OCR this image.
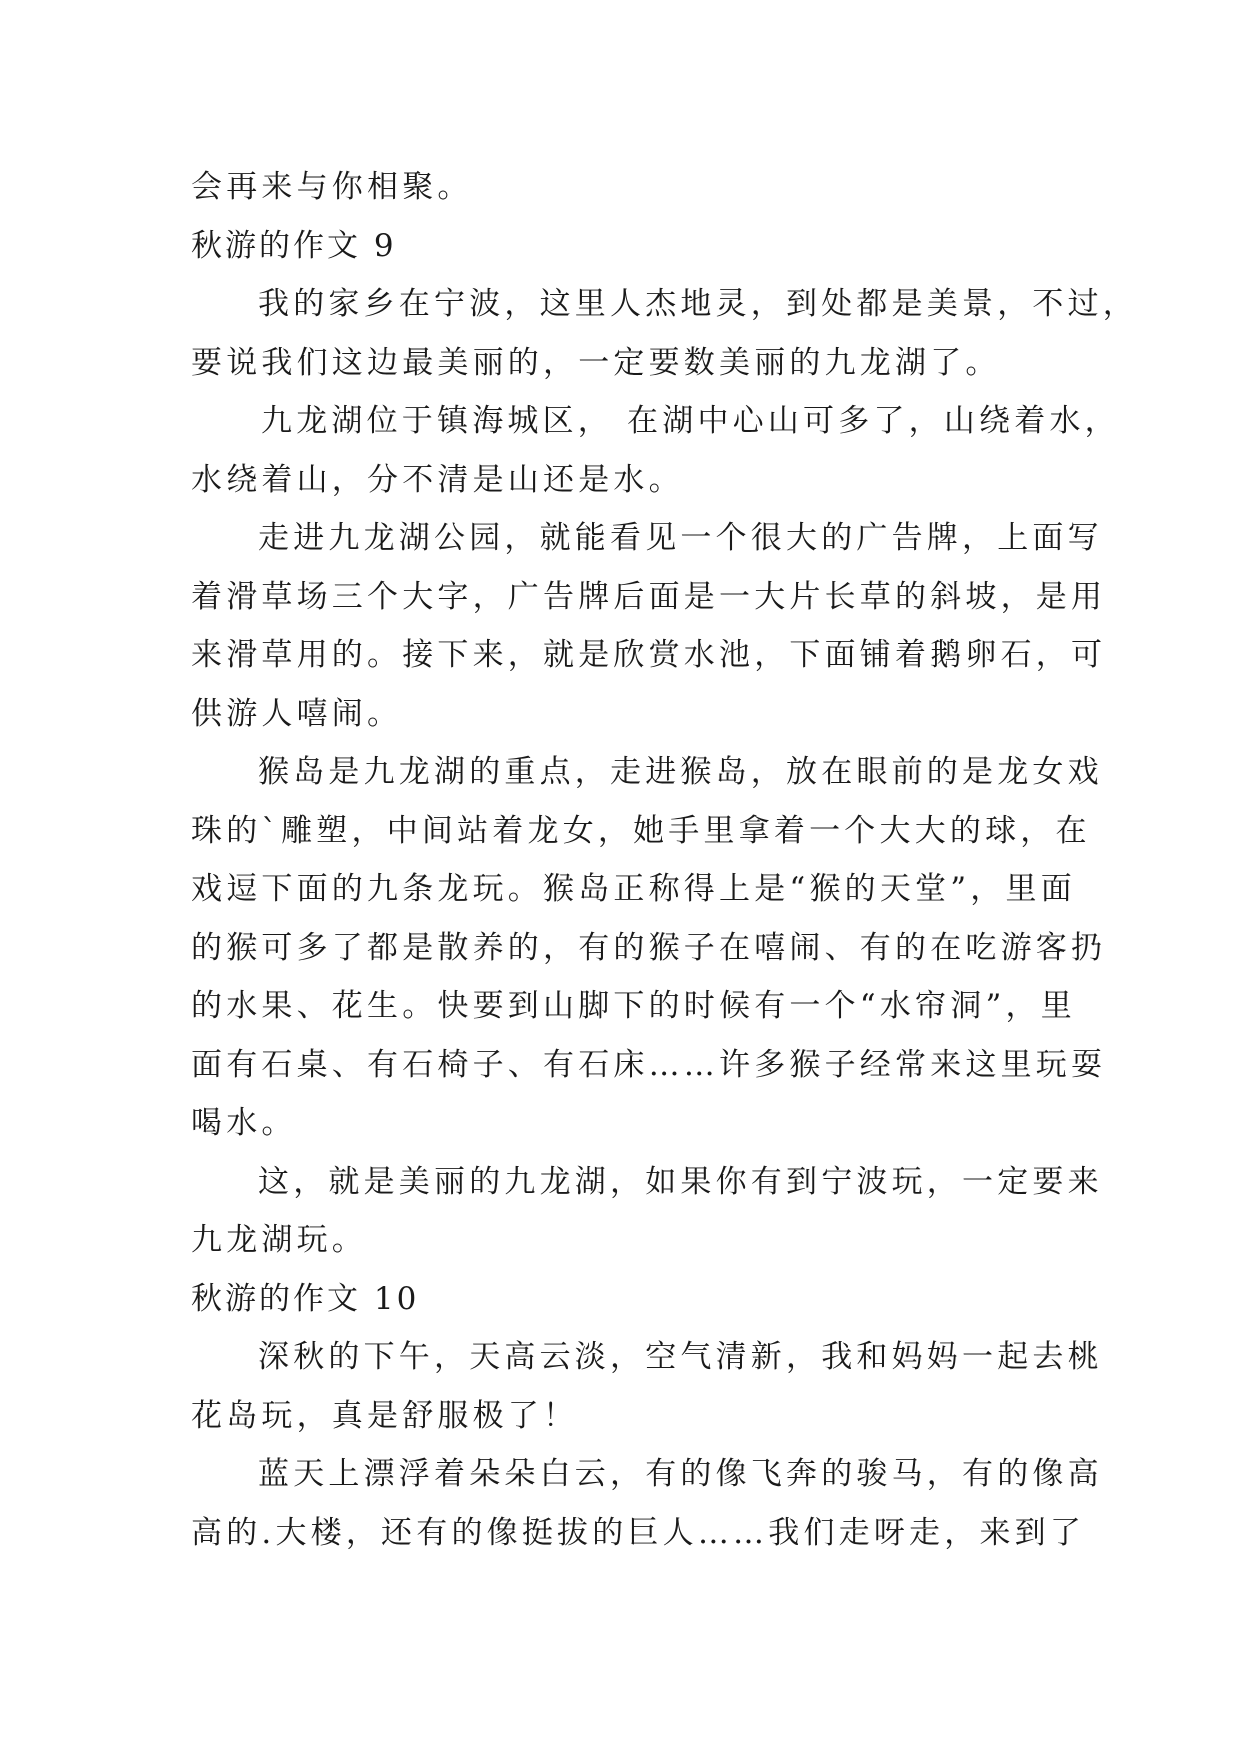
会再来与你相聚。
秋游的作文 9
我的家乡在宁波，这里人杰地灵，到处都是美景，不过，
要说我们这边最美丽的，一定要数美丽的九龙湖了。
九龙湖位于镇海城区， 在湖中心山可多了，山绕着水，
水绕着山，分不清是山还是水。
走进九龙湖公园，就能看见一个很大的广告牌，上面写
着滑草场三个大字，广告牌后面是一大片长草的斜坡，是用
来滑草用的。接下来，就是欣赏水池，下面铺着鹅卵石，可
供游人嘻闹。
猴岛是九龙湖的重点，走进猴岛，放在眼前的是龙女戏
珠的`雕塑，中间站着龙女，她手里拿着一个大大的球，在
戏逗下面的九条龙玩。猴岛正称得上是“猴的天堂”，里面
的猴可多了都是散养的，有的猴子在嘻闹、有的在吃游客扔
的水果、花生。快要到山脚下的时候有一个“水帘洞”，里
面有石桌、有石椅子、有石床……许多猴子经常来这里玩耍
喝水。
这，就是美丽的九龙湖，如果你有到宁波玩，一定要来
九龙湖玩。
秋游的作文 10
深秋的下午，天高云淡，空气清新，我和妈妈一起去桃
花岛玩，真是舒服极了！
蓝天上漂浮着朵朵白云，有的像飞奔的骏马，有的像高
高的.大楼，还有的像挺拔的巨人……我们走呀走，来到了
